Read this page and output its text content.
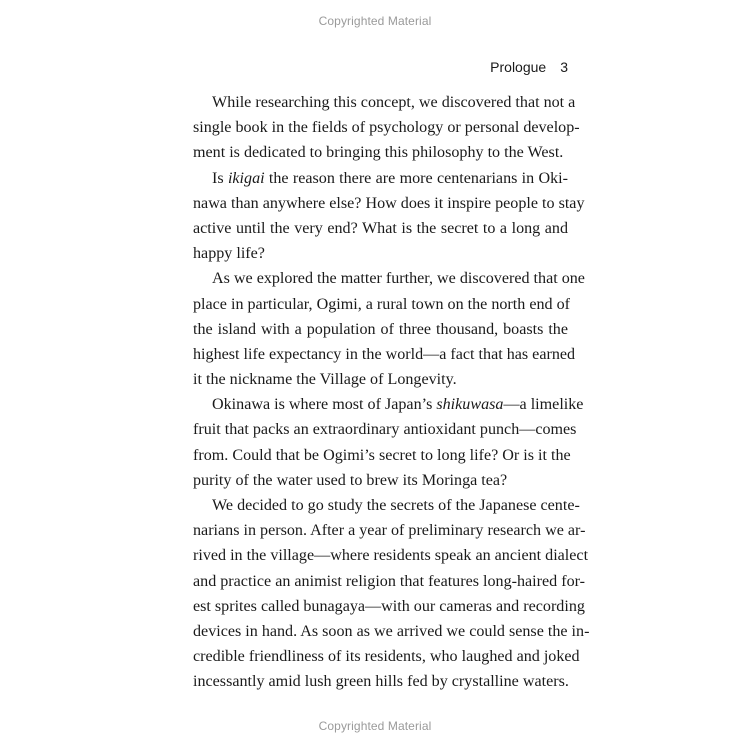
Copyrighted Material
Prologue 3
While researching this concept, we discovered that not a
single book in the fields of psychology or personal develop-
ment is dedicated to bringing this philosophy to the West.
Is ikigai the reason there are more centenarians in Oki-
nawa than anywhere else? How does it inspire people to stay
active until the very end? What is the secret to a long and
happy life?
As we explored the matter further, we discovered that one
place in particular, Ogimi, a rural town on the north end of
the island with a population of three thousand, boasts the
highest life expectancy in the world—a fact that has earned
it the nickname the Village of Longevity.
Okinawa is where most of Japan’s shikuwasa—a limelike
fruit that packs an extraordinary antioxidant punch—comes
from. Could that be Ogimi’s secret to long life? Or is it the
purity of the water used to brew its Moringa tea?
We decided to go study the secrets of the Japanese cente-
narians in person. After a year of preliminary research we ar-
rived in the village—where residents speak an ancient dialect
and practice an animist religion that features long-haired for-
est sprites called bunagaya—with our cameras and recording
devices in hand. As soon as we arrived we could sense the in-
credible friendliness of its residents, who laughed and joked
incessantly amid lush green hills fed by crystalline waters.
Copyrighted Material
